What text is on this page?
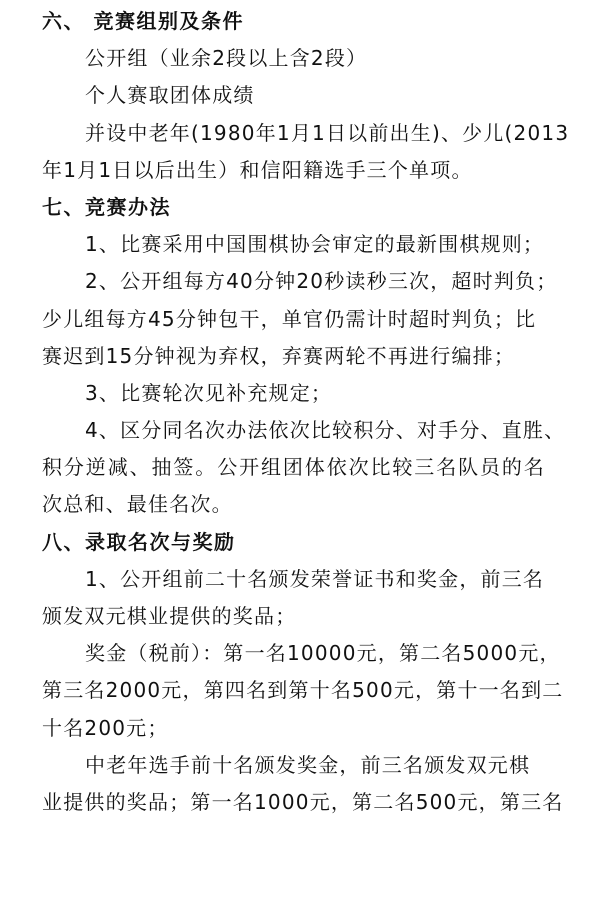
六、 竞赛组别及条件
公开组（业余2段以上含2段）
个人赛取团体成绩
并设中老年(1980年1月1日以前出生)、少儿(2013
年1月1日以后出生）和信阳籍选手三个单项。
七、竞赛办法
1、比赛采用中国围棋协会审定的最新围棋规则；
2、公开组每方40分钟20秒读秒三次，超时判负；
少儿组每方45分钟包干，单官仍需计时超时判负；比
赛迟到15分钟视为弃权，弃赛两轮不再进行编排；
3、比赛轮次见补充规定；
4、区分同名次办法依次比较积分、对手分、直胜、
积分逆减、抽签。公开组团体依次比较三名队员的名
次总和、最佳名次。
八、录取名次与奖励
1、公开组前二十名颁发荣誉证书和奖金，前三名
颁发双元棋业提供的奖品；
奖金（税前）：第一名10000元，第二名5000元，
第三名2000元，第四名到第十名500元，第十一名到二
十名200元；
中老年选手前十名颁发奖金，前三名颁发双元棋
业提供的奖品；第一名1000元，第二名500元，第三名
